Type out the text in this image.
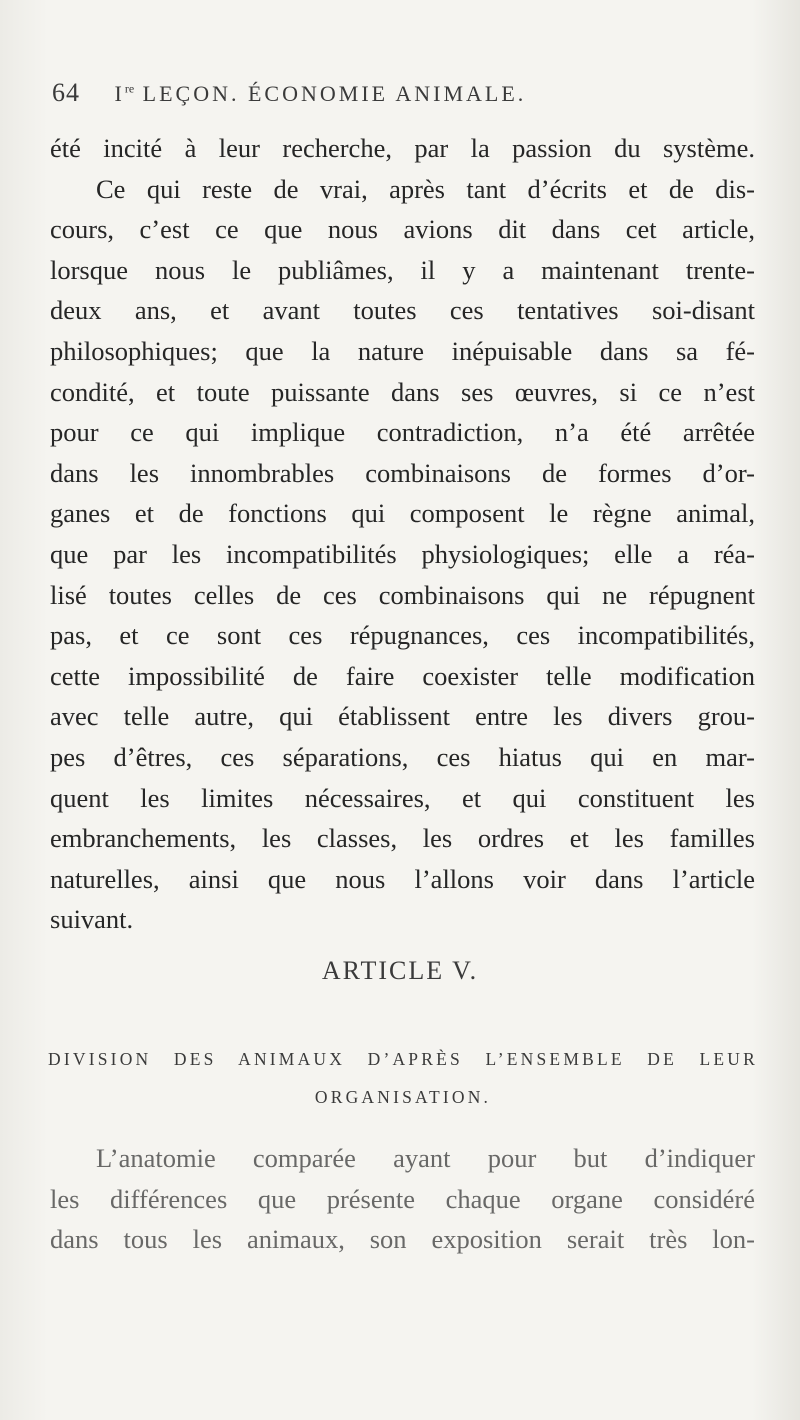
64 Ire LEÇON. ÉCONOMIE ANIMALE.

été incité à leur recherche, par la passion du système.
Ce qui reste de vrai, après tant d’écrits et de dis-
cours, c’est ce que nous avions dit dans cet article,
lorsque nous le publiâmes, il y a maintenant trente-
deux ans, et avant toutes ces tentatives soi-disant
philosophiques; que la nature inépuisable dans sa fé-
condité, et toute puissante dans ses œuvres, si ce n’est
pour ce qui implique contradiction, n’a été arrêtée
dans les innombrables combinaisons de formes d’or-
ganes et de fonctions qui composent le règne animal,
que par les incompatibilités physiologiques; elle a réa-
lisé toutes celles de ces combinaisons qui ne répugnent
pas, et ce sont ces répugnances, ces incompatibilités,
cette impossibilité de faire coexister telle modification
avec telle autre, qui établissent entre les divers grou-
pes d’êtres, ces séparations, ces hiatus qui en mar-
quent les limites nécessaires, et qui constituent les
embranchements, les classes, les ordres et les familles
naturelles, ainsi que nous l’allons voir dans l’article
suivant.

ARTICLE V.
DIVISION DES ANIMAUX D’APRÈS L’ENSEMBLE DE LEUR
ORGANISATION.

L’anatomie comparée ayant pour but d’indiquer
les différences que présente chaque organe considéré
dans tous les animaux, son exposition serait très lon-
